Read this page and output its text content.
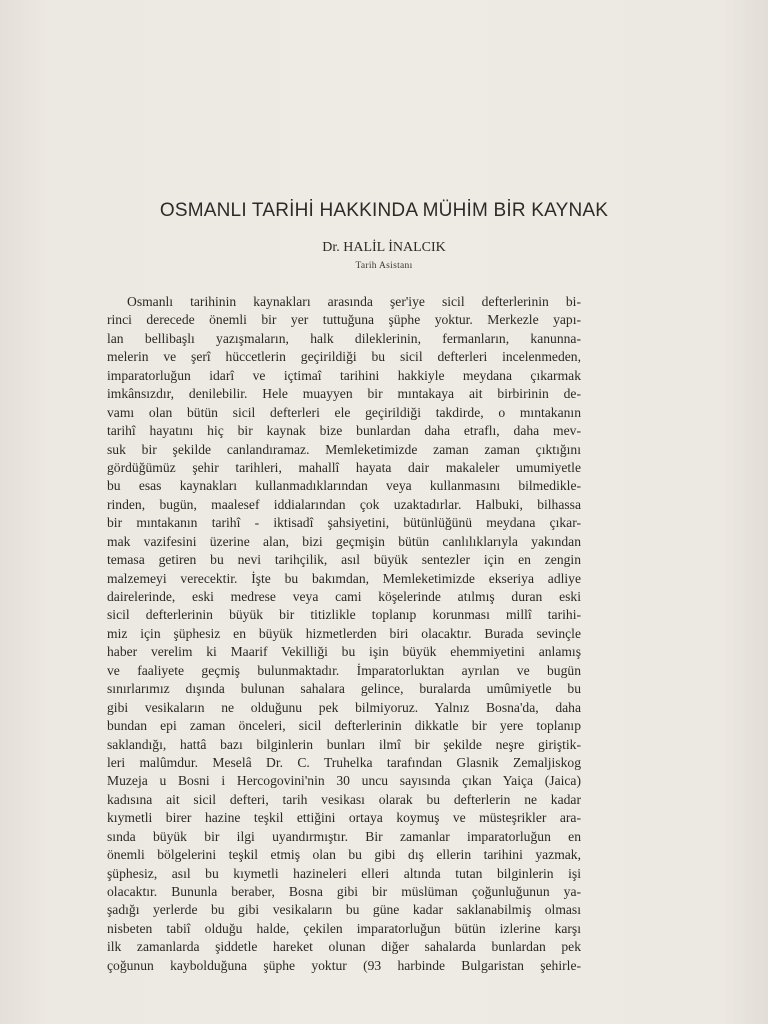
OSMANLI TARİHİ HAKKINDA MÜHİM BİR KAYNAK
Dr. HALİL İNALCIK
Tarih Asistanı
Osmanlı tarihinin kaynakları arasında şer'iye sicil defterlerinin bi-
rinci derecede önemli bir yer tuttuğuna şüphe yoktur. Merkezle yapı-
lan bellibaşlı yazışmaların, halk dileklerinin, fermanların, kanunna-
melerin ve şerî hüccetlerin geçirildiği bu sicil defterleri incelenmeden,
imparatorluğun idarî ve içtimaî tarihini hakkiyle meydana çıkarmak
imkânsızdır, denilebilir. Hele muayyen bir mıntakaya ait birbirinin de-
vamı olan bütün sicil defterleri ele geçirildiği takdirde, o mıntakanın
tarihî hayatını hiç bir kaynak bize bunlardan daha etraflı, daha mev-
suk bir şekilde canlandıramaz. Memleketimizde zaman zaman çıktığını
gördüğümüz şehir tarihleri, mahallî hayata dair makaleler umumiyetle
bu esas kaynakları kullanmadıklarından veya kullanmasını bilmedikle-
rinden, bugün, maalesef iddialarından çok uzaktadırlar. Halbuki, bilhassa
bir mıntakanın tarihî - iktisadî şahsiyetini, bütünlüğünü meydana çıkar-
mak vazifesini üzerine alan, bizi geçmişin bütün canlılıklarıyla yakından
temasa getiren bu nevi tarihçilik, asıl büyük sentezler için en zengin
malzemeyi verecektir. İşte bu bakımdan, Memleketimizde ekseriya adliye
dairelerinde, eski medrese veya cami köşelerinde atılmış duran eski
sicil defterlerinin büyük bir titizlikle toplanıp korunması millî tarihi-
miz için şüphesiz en büyük hizmetlerden biri olacaktır. Burada sevinçle
haber verelim ki Maarif Vekilliği bu işin büyük ehemmiyetini anlamış
ve faaliyete geçmiş bulunmaktadır. İmparatorluktan ayrılan ve bugün
sınırlarımız dışında bulunan sahalara gelince, buralarda umûmiyetle bu
gibi vesikaların ne olduğunu pek bilmiyoruz. Yalnız Bosna'da, daha
bundan epi zaman önceleri, sicil defterlerinin dikkatle bir yere toplanıp
saklandığı, hattâ bazı bilginlerin bunları ilmî bir şekilde neşre giriştik-
leri malûmdur. Meselâ Dr. C. Truhelka tarafından Glasnik Zemaljiskog
Muzeja u Bosni i Hercogovini'nin 30 uncu sayısında çıkan Yaiça (Jaica)
kadısına ait sicil defteri, tarih vesikası olarak bu defterlerin ne kadar
kıymetli birer hazine teşkil ettiğini ortaya koymuş ve müsteşrikler ara-
sında büyük bir ilgi uyandırmıştır. Bir zamanlar imparatorluğun en
önemli bölgelerini teşkil etmiş olan bu gibi dış ellerin tarihini yazmak,
şüphesiz, asıl bu kıymetli hazineleri elleri altında tutan bilginlerin işi
olacaktır. Bununla beraber, Bosna gibi bir müslüman çoğunluğunun ya-
şadığı yerlerde bu gibi vesikaların bu güne kadar saklanabilmiş olması
nisbeten tabiî olduğu halde, çekilen imparatorluğun bütün izlerine karşı
ilk zamanlarda şiddetle hareket olunan diğer sahalarda bunlardan pek
çoğunun kaybolduğuna şüphe yoktur (93 harbinde Bulgaristan şehirle-
